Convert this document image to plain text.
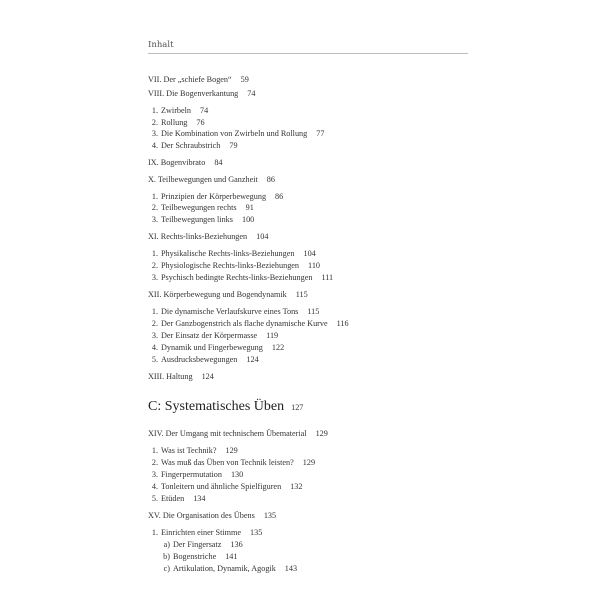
Inhalt
VII. Der „schiefe Bogen“ 59
VIII. Die Bogenverkantung 74
1. Zwirbeln 74
2. Rollung 76
3. Die Kombination von Zwirbeln und Rollung 77
4. Der Schraubstrich 79
IX. Bogenvibrato 84
X. Teilbewegungen und Ganzheit 86
1. Prinzipien der Körperbewegung 86
2. Teilbewegungen rechts 91
3. Teilbewegungen links 100
XI. Rechts-links-Beziehungen 104
1. Physikalische Rechts-links-Beziehungen 104
2. Physiologische Rechts-links-Beziehungen 110
3. Psychisch bedingte Rechts-links-Beziehungen 111
XII. Körperbewegung und Bogendynamik 115
1. Die dynamische Verlaufskurve eines Tons 115
2. Der Ganzbogenstrich als flache dynamische Kurve 116
3. Der Einsatz der Körpermasse 119
4. Dynamik und Fingerbewegung 122
5. Ausdrucksbewegungen 124
XIII. Haltung 124
C: Systematisches Üben 127
XIV. Der Umgang mit technischem Übematerial 129
1. Was ist Technik? 129
2. Was muß das Üben von Technik leisten? 129
3. Fingerpermutation 130
4. Tonleitern und ähnliche Spielfiguren 132
5. Etüden 134
XV. Die Organisation des Übens 135
1. Einrichten einer Stimme 135
a) Der Fingersatz 136
b) Bogenstriche 141
c) Artikulation, Dynamik, Agogik 143
